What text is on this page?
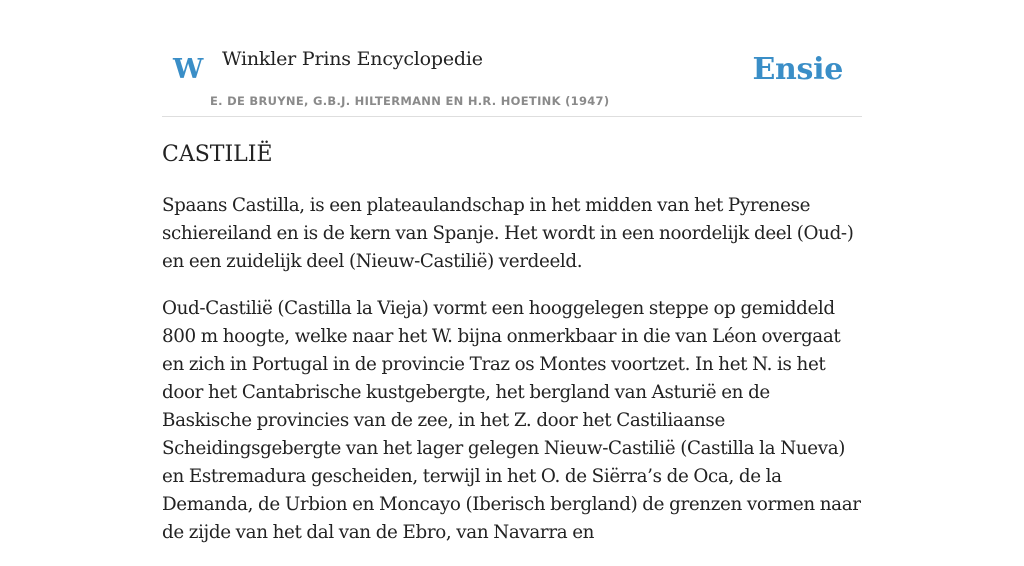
W Winkler Prins Encyclopedie
E. DE BRUYNE, G.B.J. HILTERMANN EN H.R. HOETINK (1947)
Ensie
CASTILIË

Spaans Castilla, is een plateaulandschap in het midden van het Pyrenese schiereiland en is de kern van Spanje. Het wordt in een noordelijk deel (Oud-) en een zuidelijk deel (Nieuw-Castilië) verdeeld.

Oud-Castilië (Castilla la Vieja) vormt een hooggelegen steppe op gemiddeld 800 m hoogte, welke naar het W. bijna onmerkbaar in die van Léon overgaat en zich in Portugal in de provincie Traz os Montes voortzet. In het N. is het door het Cantabrische kustgebergte, het bergland van Asturië en de Baskische provincies van de zee, in het Z. door het Castiliaanse Scheidingsgebergte van het lager gelegen Nieuw-Castilië (Castilla la Nueva) en Estremadura gescheiden, terwijl in het O. de Siërra’s de Oca, de la Demanda, de Urbion en Moncayo (Iberisch bergland) de grenzen vormen naar de zijde van het dal van de Ebro, van Navarra en
